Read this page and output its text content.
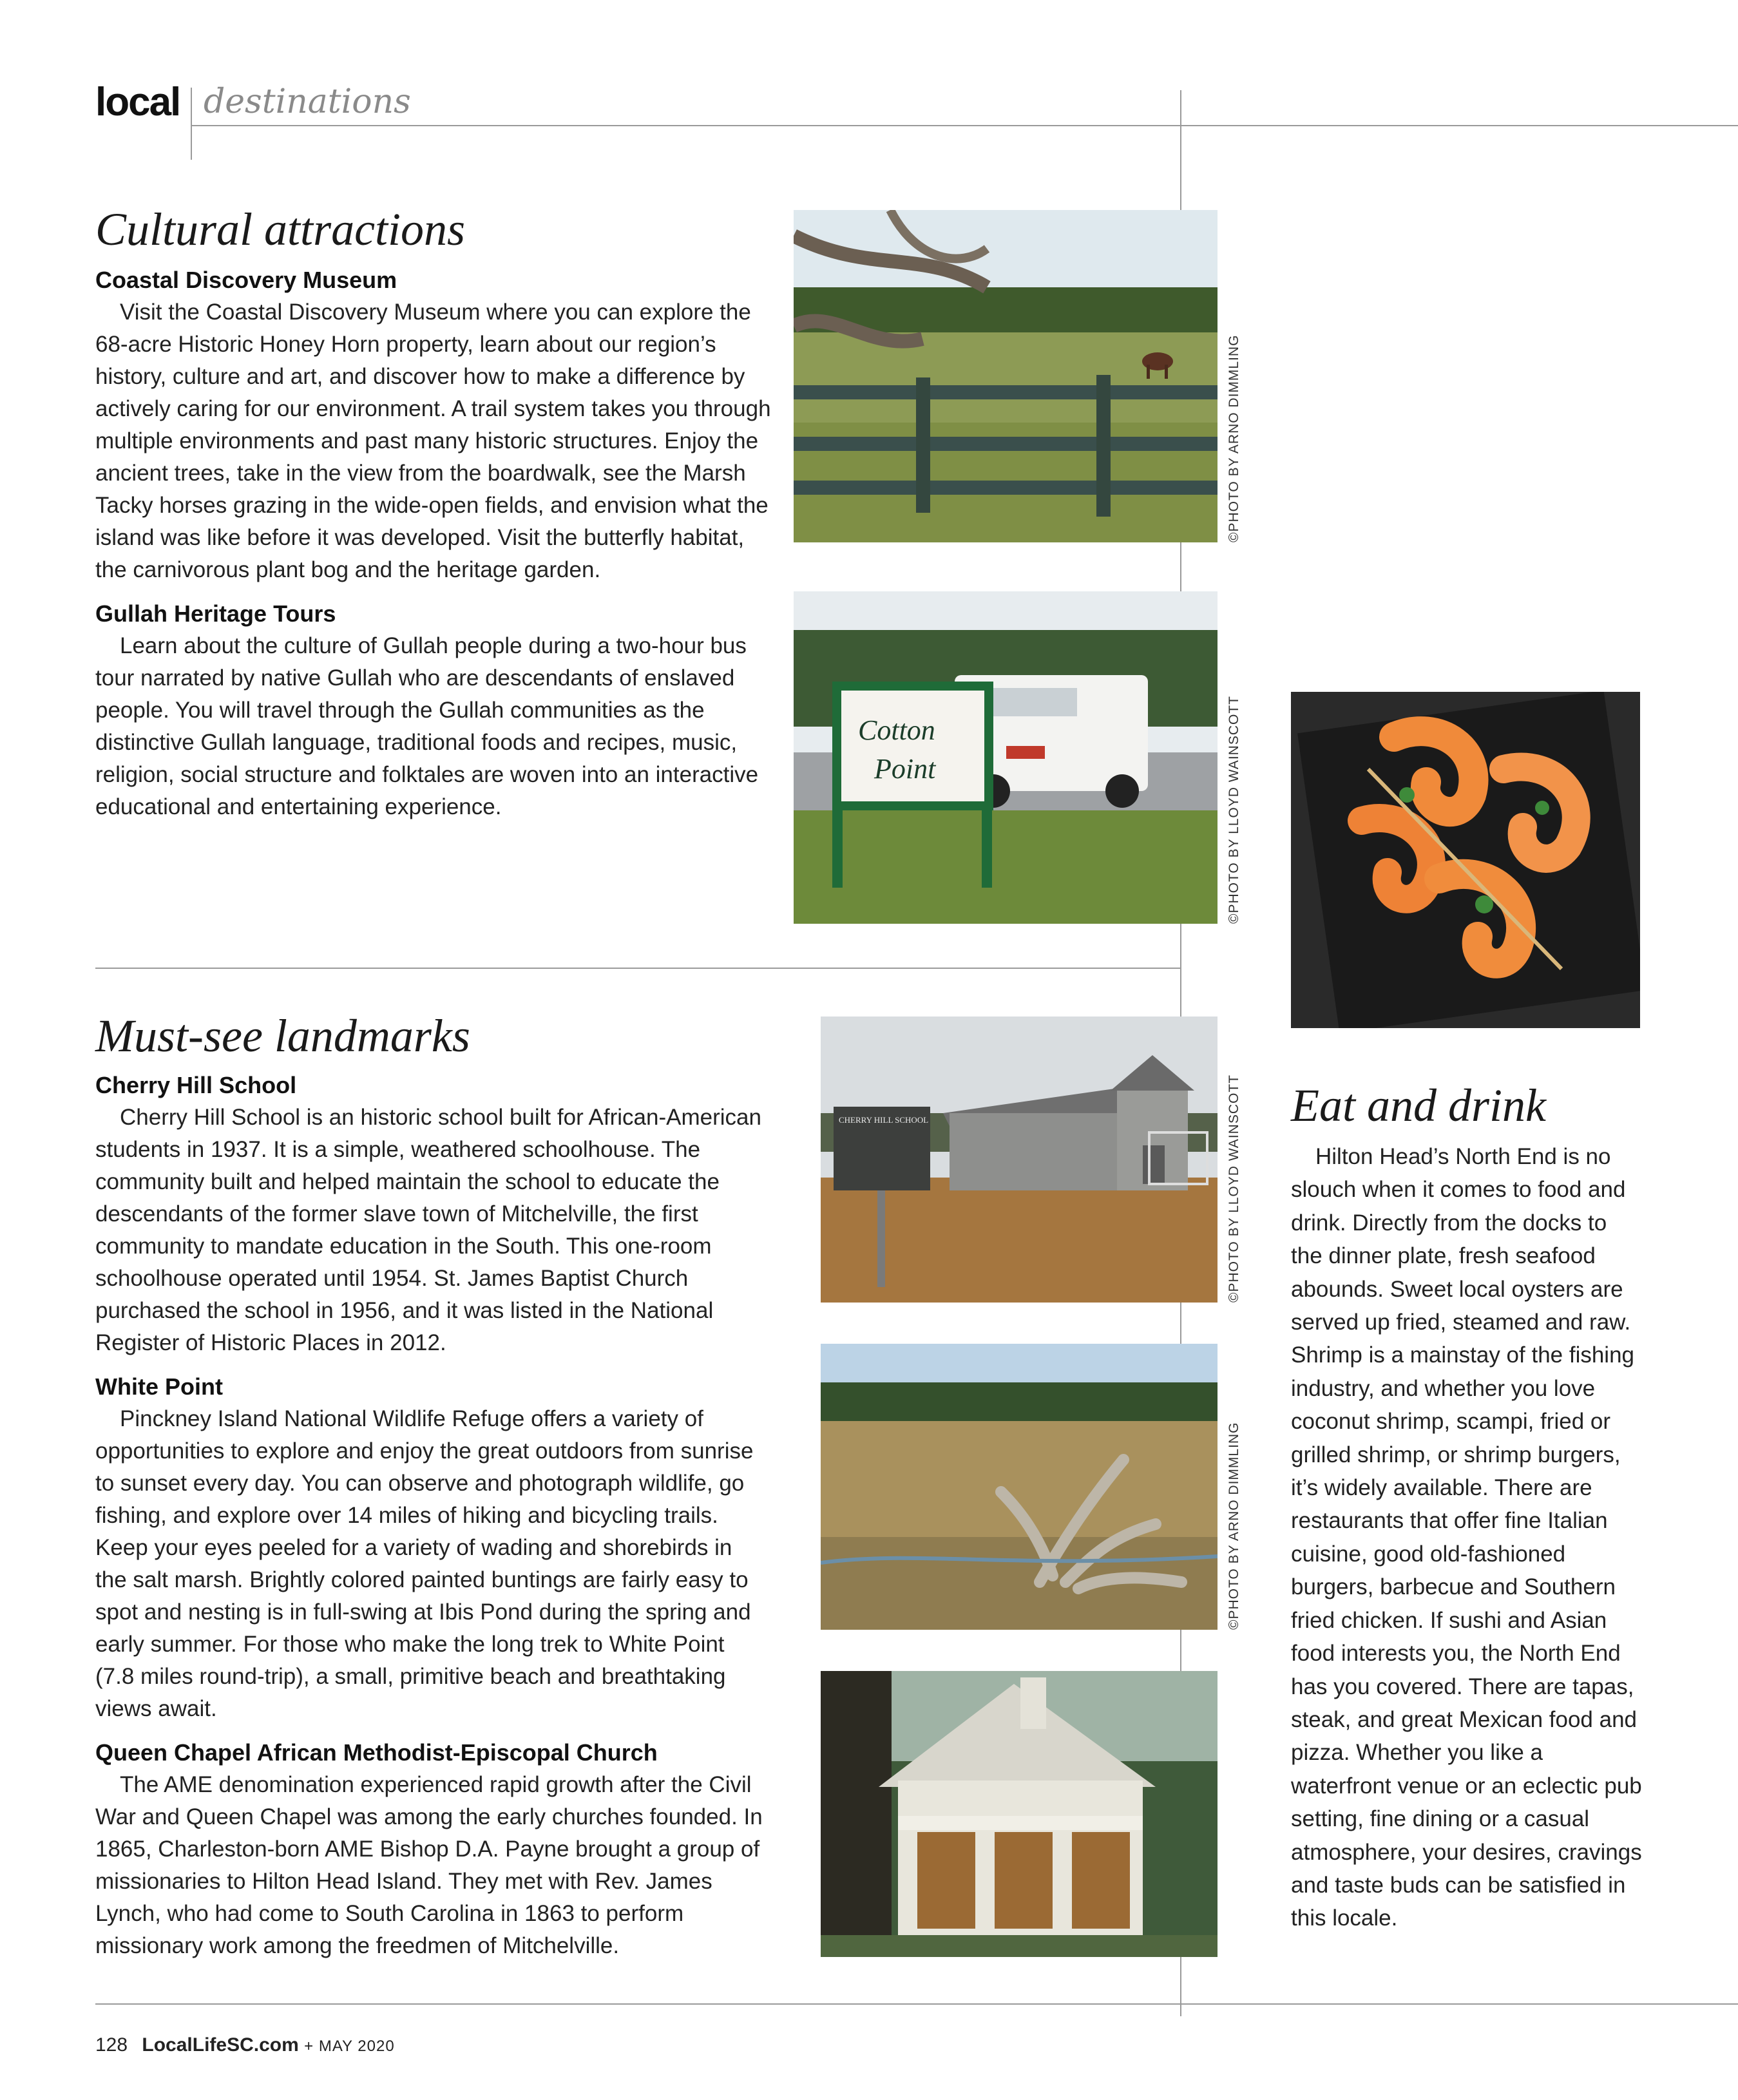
local destinations
Cultural attractions
Coastal Discovery Museum

Visit the Coastal Discovery Museum where you can explore the 68-acre Historic Honey Horn property, learn about our region’s history, culture and art, and discover how to make a difference by actively caring for our environment. A trail system takes you through multiple environments and past many historic structures. Enjoy the ancient trees, take in the view from the boardwalk, see the Marsh Tacky horses grazing in the wide-open fields, and envision what the island was like before it was developed. Visit the butterfly habitat, the carnivorous plant bog and the heritage garden.

Gullah Heritage Tours

Learn about the culture of Gullah people during a two-hour bus tour narrated by native Gullah who are descendants of enslaved people. You will travel through the Gullah communities as the distinctive Gullah language, traditional foods and recipes, music, religion, social structure and folktales are woven into an interactive educational and entertaining experience.

©PHOTO BY ARNO DIMMLING
Cotton
Point	©PHOTO BY LLOYD WAINSCOTT
Must-see landmarks
Cherry Hill School

Cherry Hill School is an historic school built for African-American students in 1937. It is a simple, weathered schoolhouse. The community built and helped maintain the school to educate the descendants of the former slave town of Mitchelville, the first community to mandate education in the South. This one-room schoolhouse operated until 1954. St. James Baptist Church purchased the school in 1956, and it was listed in the National Register of Historic Places in 2012.

White Point

Pinckney Island National Wildlife Refuge offers a variety of opportunities to explore and enjoy the great outdoors from sunrise to sunset every day. You can observe and photograph wildlife, go fishing, and explore over 14 miles of hiking and bicycling trails. Keep your eyes peeled for a variety of wading and shorebirds in the salt marsh. Brightly colored painted buntings are fairly easy to spot and nesting is in full-swing at Ibis Pond during the spring and early summer. For those who make the long trek to White Point (7.8 miles round-trip), a small, primitive beach and breathtaking views await.

Queen Chapel African Methodist-Episcopal Church

The AME denomination experienced rapid growth after the Civil War and Queen Chapel was among the early churches founded. In 1865, Charleston-born AME Bishop D.A. Payne brought a group of missionaries to Hilton Head Island. They met with Rev. James Lynch, who had come to South Carolina in 1863 to perform missionary work among the freedmen of Mitchelville.

CHERRY HILL SCHOOL	©PHOTO BY LLOYD WAINSCOTT
©PHOTO BY ARNO DIMMLING
Eat and drink

Hilton Head’s North End is no slouch when it comes to food and drink. Directly from the docks to the dinner plate, fresh seafood abounds. Sweet local oysters are served up fried, steamed and raw. Shrimp is a mainstay of the fishing industry, and whether you love coconut shrimp, scampi, fried or grilled shrimp, or shrimp burgers, it’s widely available. There are restaurants that offer fine Italian cuisine, good old-fashioned burgers, barbecue and Southern fried chicken. If sushi and Asian food interests you, the North End has you covered. There are tapas, steak, and great Mexican food and pizza. Whether you like a waterfront venue or an eclectic pub setting, fine dining or a casual atmosphere, your desires, cravings and taste buds can be satisfied in this locale.

128 LocalLifeSC.com + MAY 2020
